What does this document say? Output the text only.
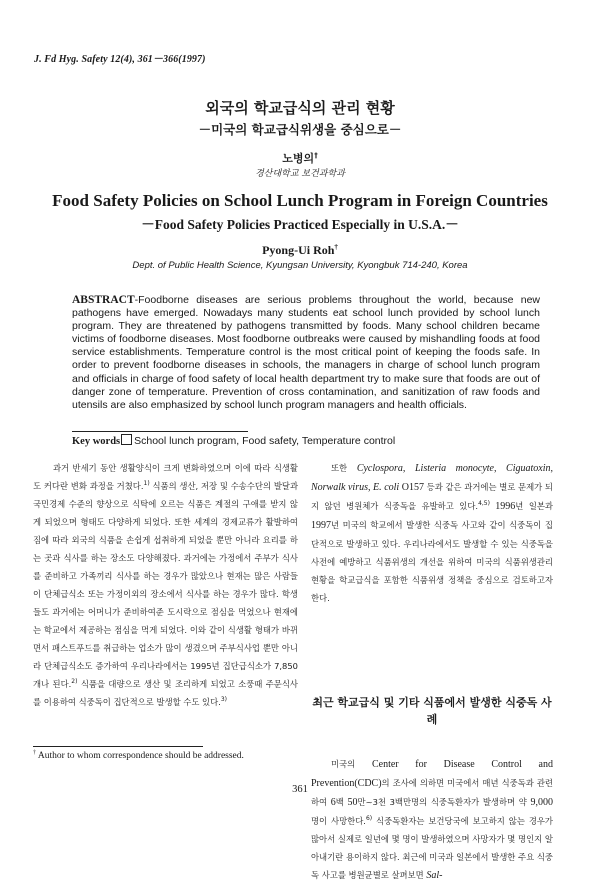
J. Fd Hyg. Safety 12(4), 361－366(1997)
외국의 학교급식의 관리 현황
－미국의 학교급식위생을 중심으로－
노병의†
경산대학교 보건과학과
Food Safety Policies on School Lunch Program in Foreign Countries
－Food Safety Policies Practiced Especially in U.S.A.－
Pyong-Ui Roh†
Dept. of Public Health Science, Kyungsan University, Kyongbuk 714-240, Korea

ABSTRACT-Foodborne diseases are serious problems throughout the world, because new pathogens have emerged. Nowadays many students eat school lunch provided by school lunch program. They are threatened by pathogens transmitted by foods. Many school children became victims of foodborne diseases. Most foodborne outbreaks were caused by mishandling foods at food service establishments. Temperature control is the most critical point of keeping the foods safe. In order to prevent foodborne diseases in schools, the managers in charge of school lunch program and officials in charge of food safety of local health department try to make sure that foods are out of danger zone of temperature. Prevention of cross contamination, and sanitization of raw foods and utensils are also emphasized by school lunch program managers and health officials.

Key words School lunch program, Food safety, Temperature control

과거 반세기 동안 생활양식이 크게 변화하였으며 이에 따라 식생활도 커다란 변화 과정을 거쳤다.$^{1)}$ 식품의 생산, 저장 및 수송수단의 발달과 국민경제 수준의 향상으로 식탁에 오르는 식품은 계절의 구애를 받지 않게 되었으며 형태도 다양하게 되었다. 또한 세계의 경제교류가 활발하여짐에 따라 외국의 식품을 손쉽게 섭취하게 되었을 뿐만 아니라 요리를 하는 곳과 식사를 하는 장소도 다양해졌다. 과거에는 가정에서 주부가 식사를 준비하고 가족끼리 식사를 하는 경우가 많았으나 현재는 많은 사람들이 단체급식소 또는 가정이외의 장소에서 식사를 하는 경우가 많다. 학생들도 과거에는 어머니가 준비하여준 도시락으로 점심을 먹었으나 현재에는 학교에서 제공하는 점심을 먹게 되었다. 이와 같이 식생활 형태가 바뀌면서 패스트푸드를 취급하는 업소가 많이 생겼으며 주부식사업 뿐만 아니라 단체급식소도 증가하여 우리나라에서는 1995년 집단급식소가 7,850개나 된다.$^{2)}$ 식품을 대량으로 생산 및 조리하게 되었고 소풍때 주문식사를 이용하여 식중독이 집단적으로 발생할 수도 있다.$^{3)}$

또한 Cyclospora, Listeria monocyte, Ciguatoxin, Norwalk virus, E. coli O157 등과 같은 과거에는 별로 문제가 되지 않던 병원체가 식중독을 유발하고 있다.$^{4,5)}$ 1996년 일본과 1997년 미국의 학교에서 발생한 식중독 사고와 같이 식중독이 집단적으로 발생하고 있다. 우리나라에서도 발생할 수 있는 식중독을 사전에 예방하고 식품위생의 개선을 위하여 미국의 식품위생관리 현황을 학교급식을 포함한 식품위생 정책을 중심으로 검토하고자 한다.

최근 학교급식 및 기타 식품에서 발생한 식중독 사례

미국의 Center for Disease Control and Prevention(CDC)의 조사에 의하면 미국에서 매년 식중독과 관련하여 6백 50만~3천 3백만명의 식중독환자가 발생하며 약 9,000명이 사망한다.$^{6)}$ 식중독환자는 보건당국에 보고하지 않는 경우가 많아서 실제로 일년에 몇 명이 발생하였으며 사망자가 몇 명인지 알아내기란 용이하지 않다. 최근에 미국과 일본에서 발생한 주요 식중독 사고를 병원균별로 살펴보면 Sal-

† Author to whom correspondence should be addressed.
361
